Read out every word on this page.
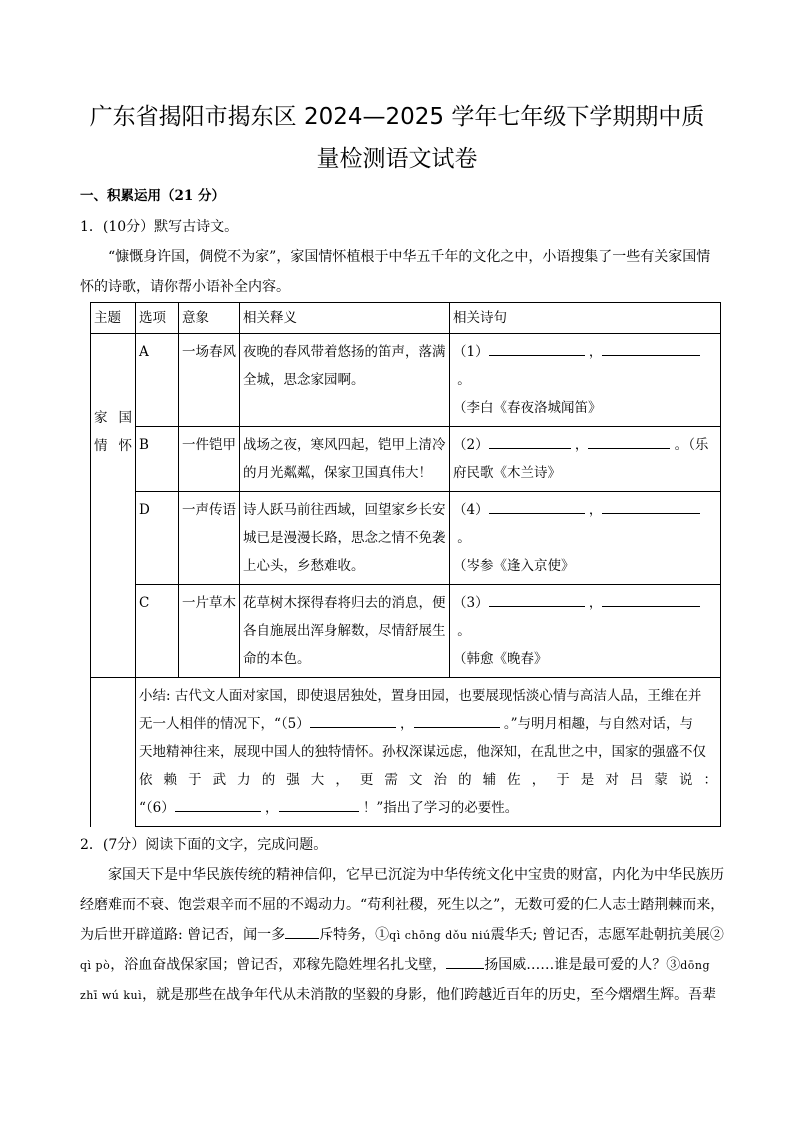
广东省揭阳市揭东区 2024—2025 学年七年级下学期期中质
量检测语文试卷
一、积累运用（21 分）
1．(10分）默写古诗文。
“慷慨身许国，倜傥不为家”，家国情怀植根于中华五千年的文化之中，小语搜集了一些有关家国情
怀的诗歌，请你帮小语补全内容。
主题	选项	意象	相关释义	相关诗句

家国情怀	A	一场春风	夜晚的春风带着悠扬的笛声，落满全城，思念家园啊。	（1） ， 。
（李白《春夜洛城闻笛》
	B	一件铠甲	战场之夜，寒风四起，铠甲上清冷的月光粼粼，保家卫国真伟大！	（2） ， 。（乐府民歌《木兰诗》
	D	一声传语	诗人跃马前往西域，回望家乡长安城已是漫漫长路，思念之情不免袭上心头，乡愁难收。	（4） ， 。
（岑参《逢入京使》
	C	一片草木	花草树木探得春将归去的消息，便各自施展出浑身解数，尽情舒展生命的本色。	（3） ， 。
（韩愈《晚春》

	小结: 古代文人面对家国，即使退居独处，置身田园，也要展现恬淡心情与高洁人品，王维在并
无一人相伴的情况下，“（5） ， 。”与明月相趣，与自然对话，与
天地精神往来，展现中国人的独特情怀。孙权深谋远虑，他深知，在乱世之中，国家的强盛不仅
依赖于武力的强大，更需文治的辅佐，于是对吕蒙说：
“（6） ， ！”指出了学习的必要性。			
2．(7分）阅读下面的文字，完成问题。
家国天下是中华民族传统的精神信仰，它早已沉淀为中华传统文化中宝贵的财富，内化为中华民族历
经磨难而不衰、饱尝艰辛而不屈的不竭动力。“苟利社稷，死生以之”，无数可爱的仁人志士踏荆棘而来，
为后世开辟道路: 曾记否，闻一多 斥特务，①qì chōng dǒu niú震华夭; 曾记否，志愿军赴朝抗美展②
qì pò，浴血奋战保家国；曾记否，邓稼先隐姓埋名扎戈壁，	扬国威……谁是最可爱的人？③dōng
zhī wú kuì，就是那些在战争年代从未消散的坚毅的身影，他们跨越近百年的历史，至今熠熠生辉。吾辈
